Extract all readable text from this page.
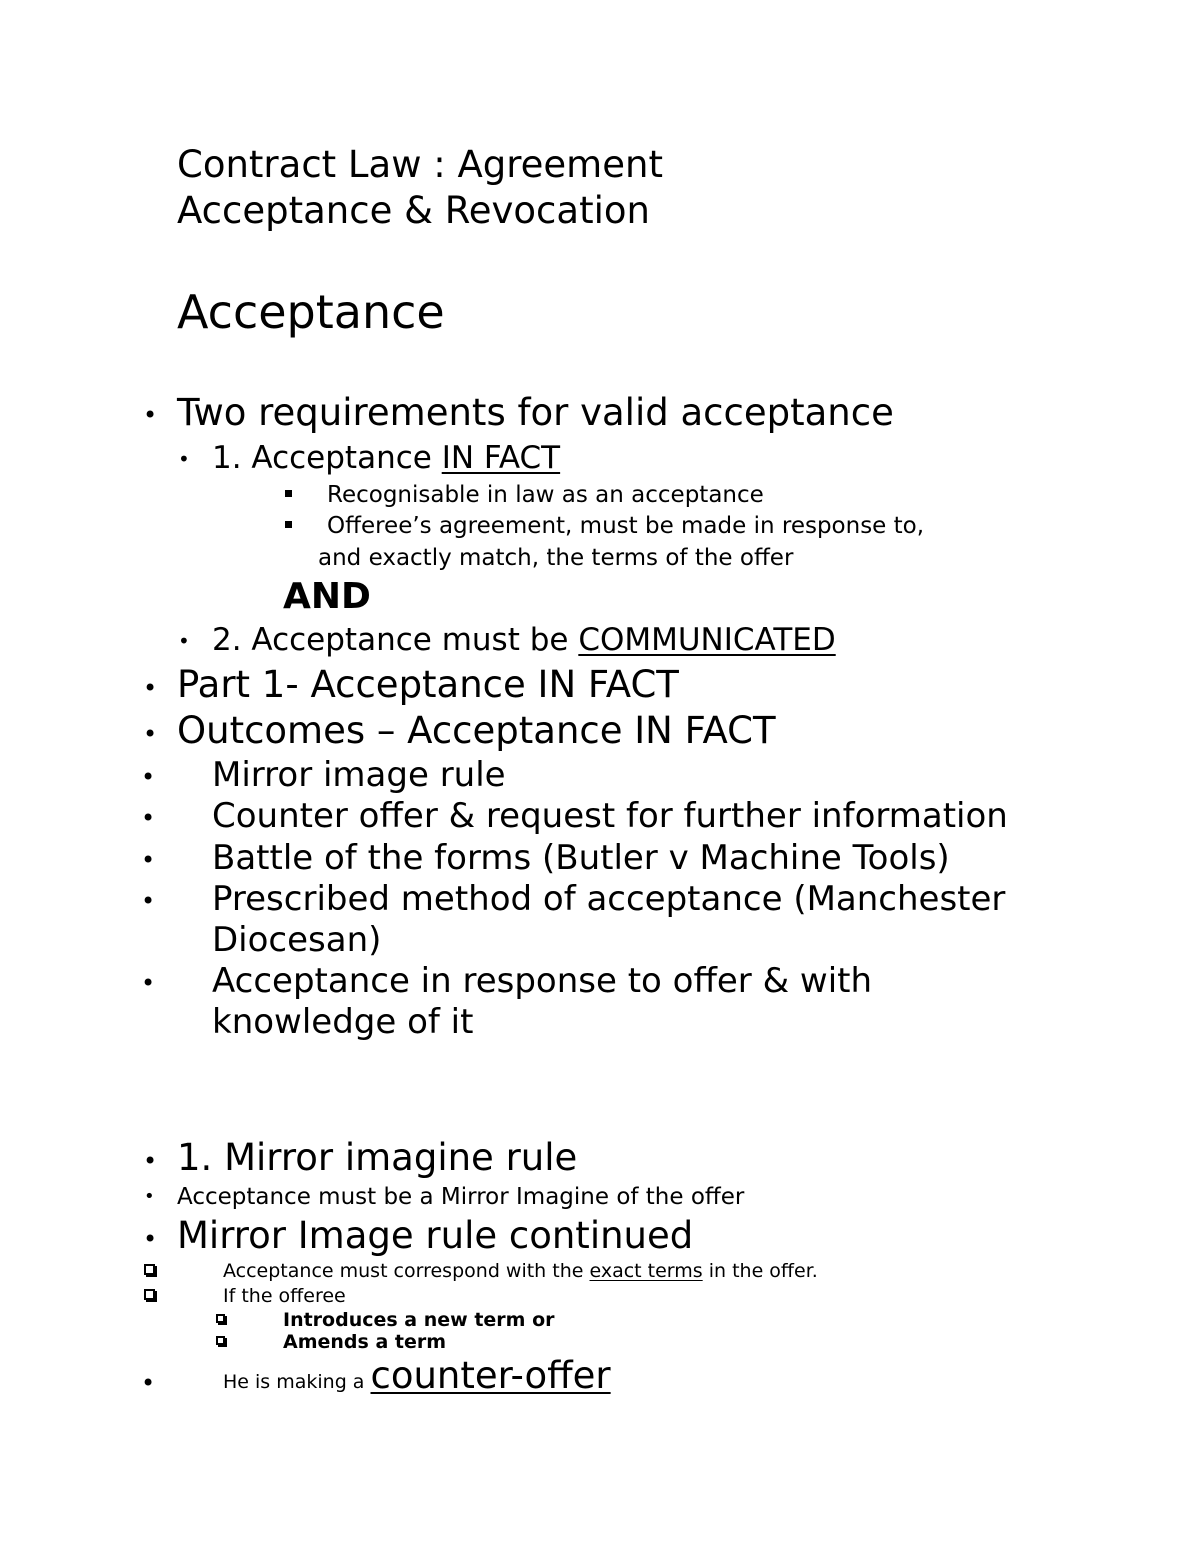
Contract Law : Agreement
Acceptance & Revocation
Acceptance
• Two requirements for valid acceptance
• 1. Acceptance IN FACT
Recognisable in law as an acceptance
Offeree’s agreement, must be made in response to,
and exactly match, the terms of the offer
AND
• 2. Acceptance must be COMMUNICATED
• Part 1- Acceptance IN FACT
• Outcomes – Acceptance IN FACT
• Mirror image rule
• Counter offer & request for further information
• Battle of the forms (Butler v Machine Tools)
• Prescribed method of acceptance (Manchester
Diocesan)
• Acceptance in response to offer & with
knowledge of it
• 1. Mirror imagine rule
• Acceptance must be a Mirror Imagine of the offer
• Mirror Image rule continued
Acceptance must correspond with the exact terms in the offer.
If the offeree
Introduces a new term or
Amends a term
•	He is making a counter-offer
